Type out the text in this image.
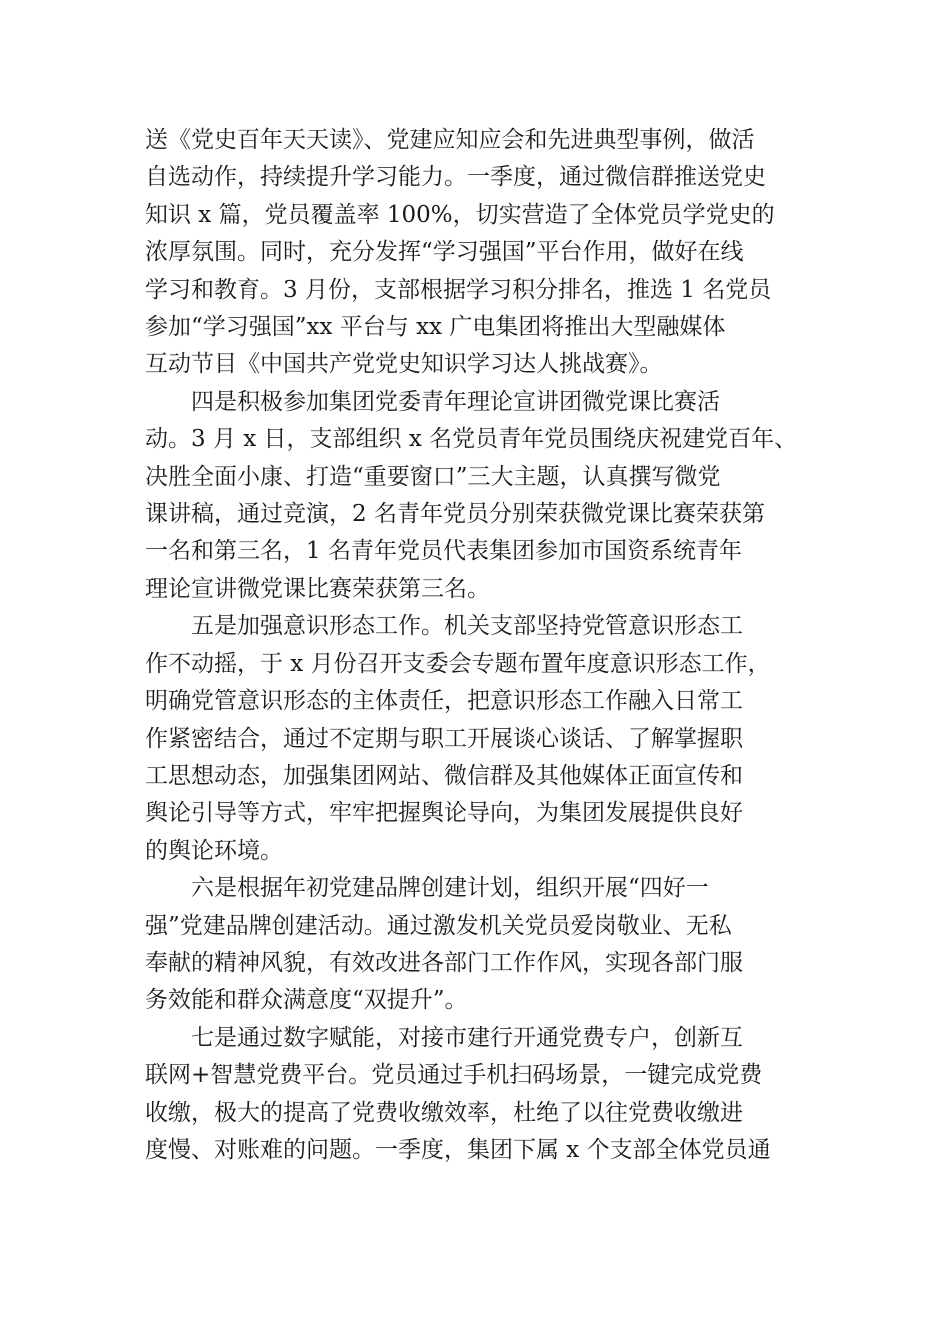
送《党史百年天天读》、党建应知应会和先进典型事例，做活
自选动作，持续提升学习能力。一季度，通过微信群推送党史
知识 x 篇，党员覆盖率 100%，切实营造了全体党员学党史的
浓厚氛围。同时，充分发挥“学习强国”平台作用，做好在线
学习和教育。3 月份，支部根据学习积分排名，推选 1 名党员
参加“学习强国”xx 平台与 xx 广电集团将推出大型融媒体
互动节目《中国共产党党史知识学习达人挑战赛》。
四是积极参加集团党委青年理论宣讲团微党课比赛活
动。3 月 x 日，支部组织 x 名党员青年党员围绕庆祝建党百年、
决胜全面小康、打造“重要窗口”三大主题，认真撰写微党
课讲稿，通过竞演，2 名青年党员分别荣获微党课比赛荣获第
一名和第三名，1 名青年党员代表集团参加市国资系统青年
理论宣讲微党课比赛荣获第三名。
五是加强意识形态工作。机关支部坚持党管意识形态工
作不动摇，于 x 月份召开支委会专题布置年度意识形态工作，
明确党管意识形态的主体责任，把意识形态工作融入日常工
作紧密结合，通过不定期与职工开展谈心谈话、了解掌握职
工思想动态，加强集团网站、微信群及其他媒体正面宣传和
舆论引导等方式，牢牢把握舆论导向，为集团发展提供良好
的舆论环境。
六是根据年初党建品牌创建计划，组织开展“四好一
强”党建品牌创建活动。通过激发机关党员爱岗敬业、无私
奉献的精神风貌，有效改进各部门工作作风，实现各部门服
务效能和群众满意度“双提升”。
七是通过数字赋能，对接市建行开通党费专户，创新互
联网+智慧党费平台。党员通过手机扫码场景，一键完成党费
收缴，极大的提高了党费收缴效率，杜绝了以往党费收缴进
度慢、对账难的问题。一季度，集团下属 x 个支部全体党员通
